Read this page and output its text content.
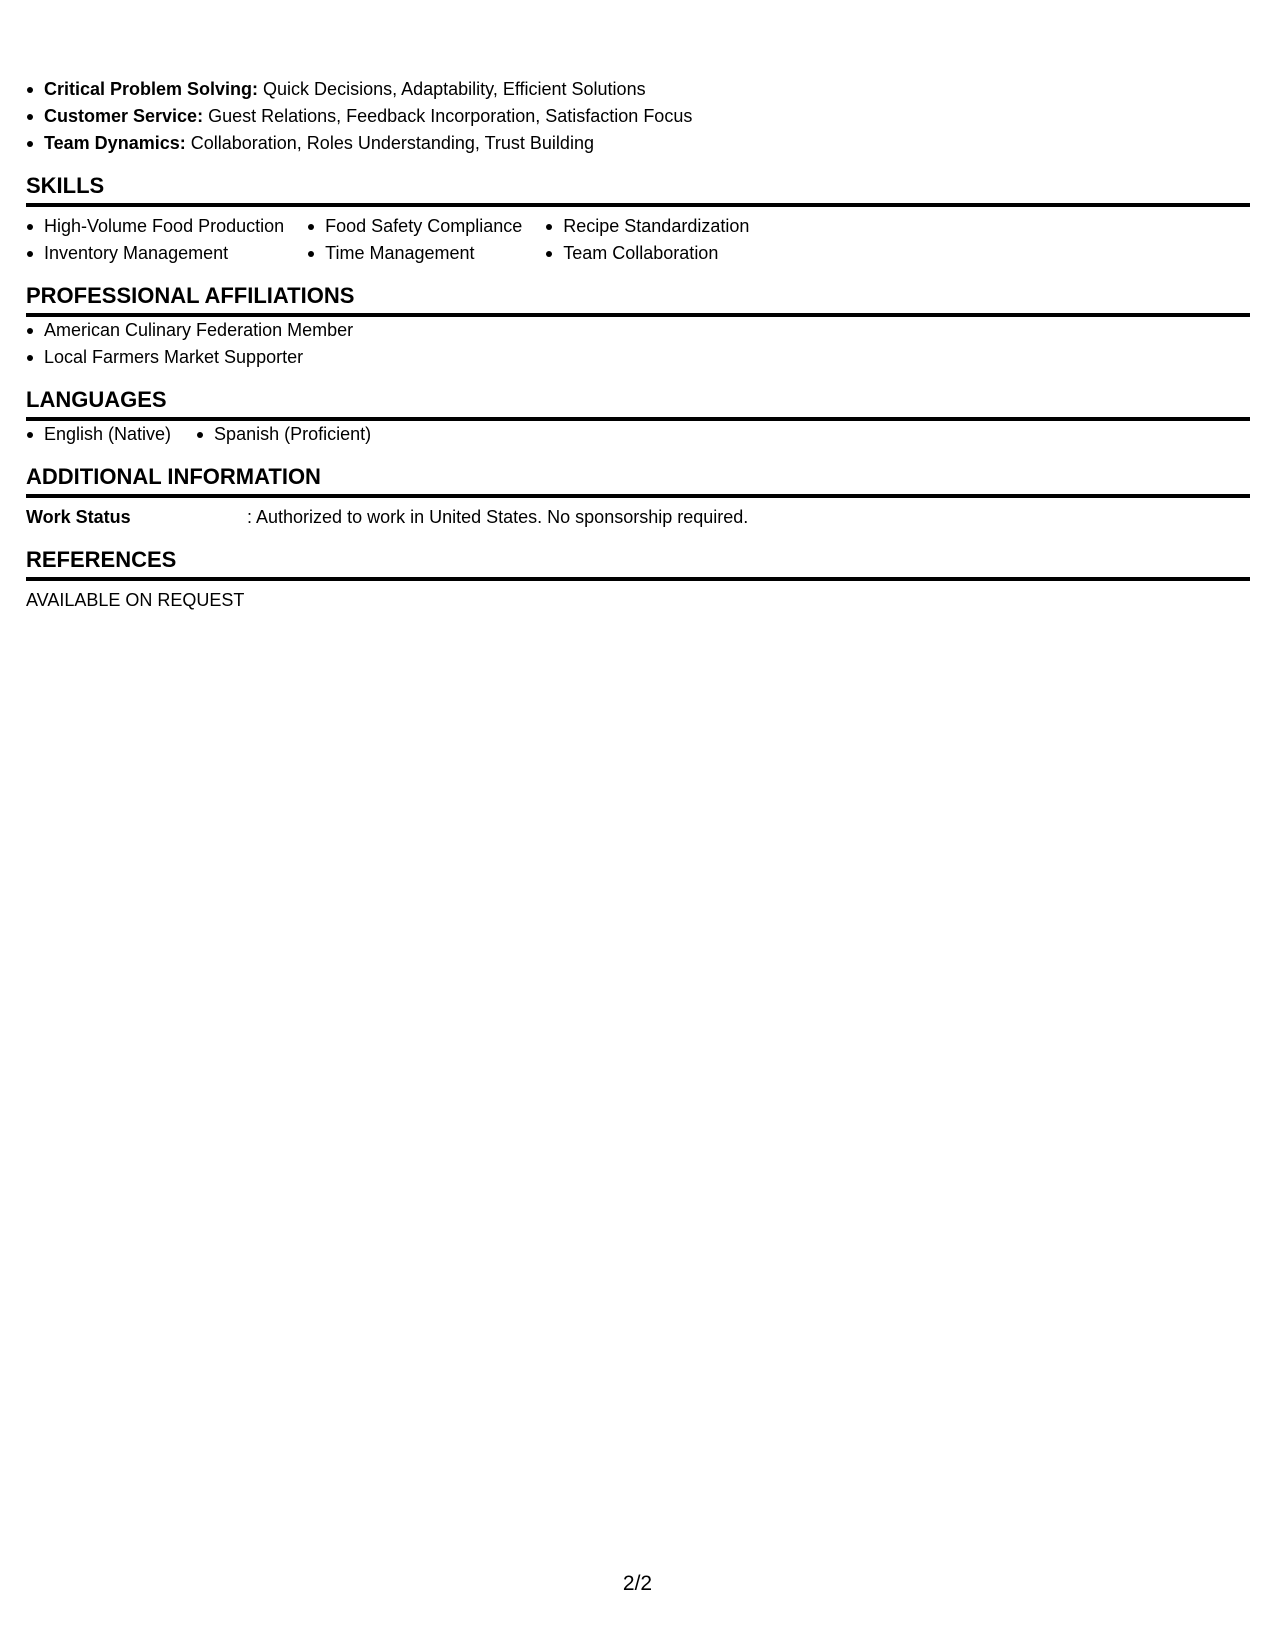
Critical Problem Solving: Quick Decisions, Adaptability, Efficient Solutions
Customer Service: Guest Relations, Feedback Incorporation, Satisfaction Focus
Team Dynamics: Collaboration, Roles Understanding, Trust Building
SKILLS
High-Volume Food Production
Inventory Management
Food Safety Compliance
Time Management
Recipe Standardization
Team Collaboration
PROFESSIONAL AFFILIATIONS
American Culinary Federation Member
Local Farmers Market Supporter
LANGUAGES
English (Native)	Spanish (Proficient)
ADDITIONAL INFORMATION
Work Status	: Authorized to work in United States. No sponsorship required.
REFERENCES
AVAILABLE ON REQUEST
2/2
